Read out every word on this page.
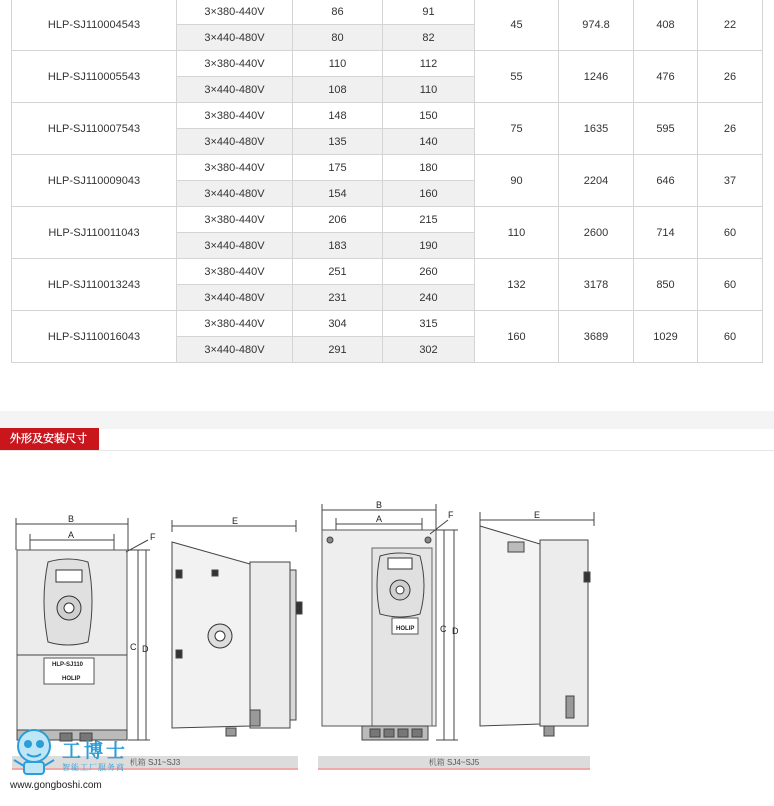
HLP-SJ110004543	3×380-440V	86	91	45	974.8	408	22
	3×440-480V	80	82				
HLP-SJ110005543	3×380-440V	110	112	55	1246	476	26
	3×440-480V	108	110				
HLP-SJ110007543	3×380-440V	148	150	75	1635	595	26
	3×440-480V	135	140				
HLP-SJ110009043	3×380-440V	175	180	90	2204	646	37
	3×440-480V	154	160				
HLP-SJ110011043	3×380-440V	206	215	110	2600	714	60
	3×440-480V	183	190				
HLP-SJ110013243	3×380-440V	251	260	132	3178	850	60
	3×440-480V	231	240				
HLP-SJ110016043	3×380-440V	304	315	160	3689	1029	60
	3×440-480V	291	302				
外形及安装尺寸
B
A	F
C D
E
B
A	F
C D
E
HLP-SJ110
HOLIP
HOLIP
机箱 SJ1~SJ3	机箱 SJ4~SJ5
工博士
智能工厂服务商
www.gongboshi.com
